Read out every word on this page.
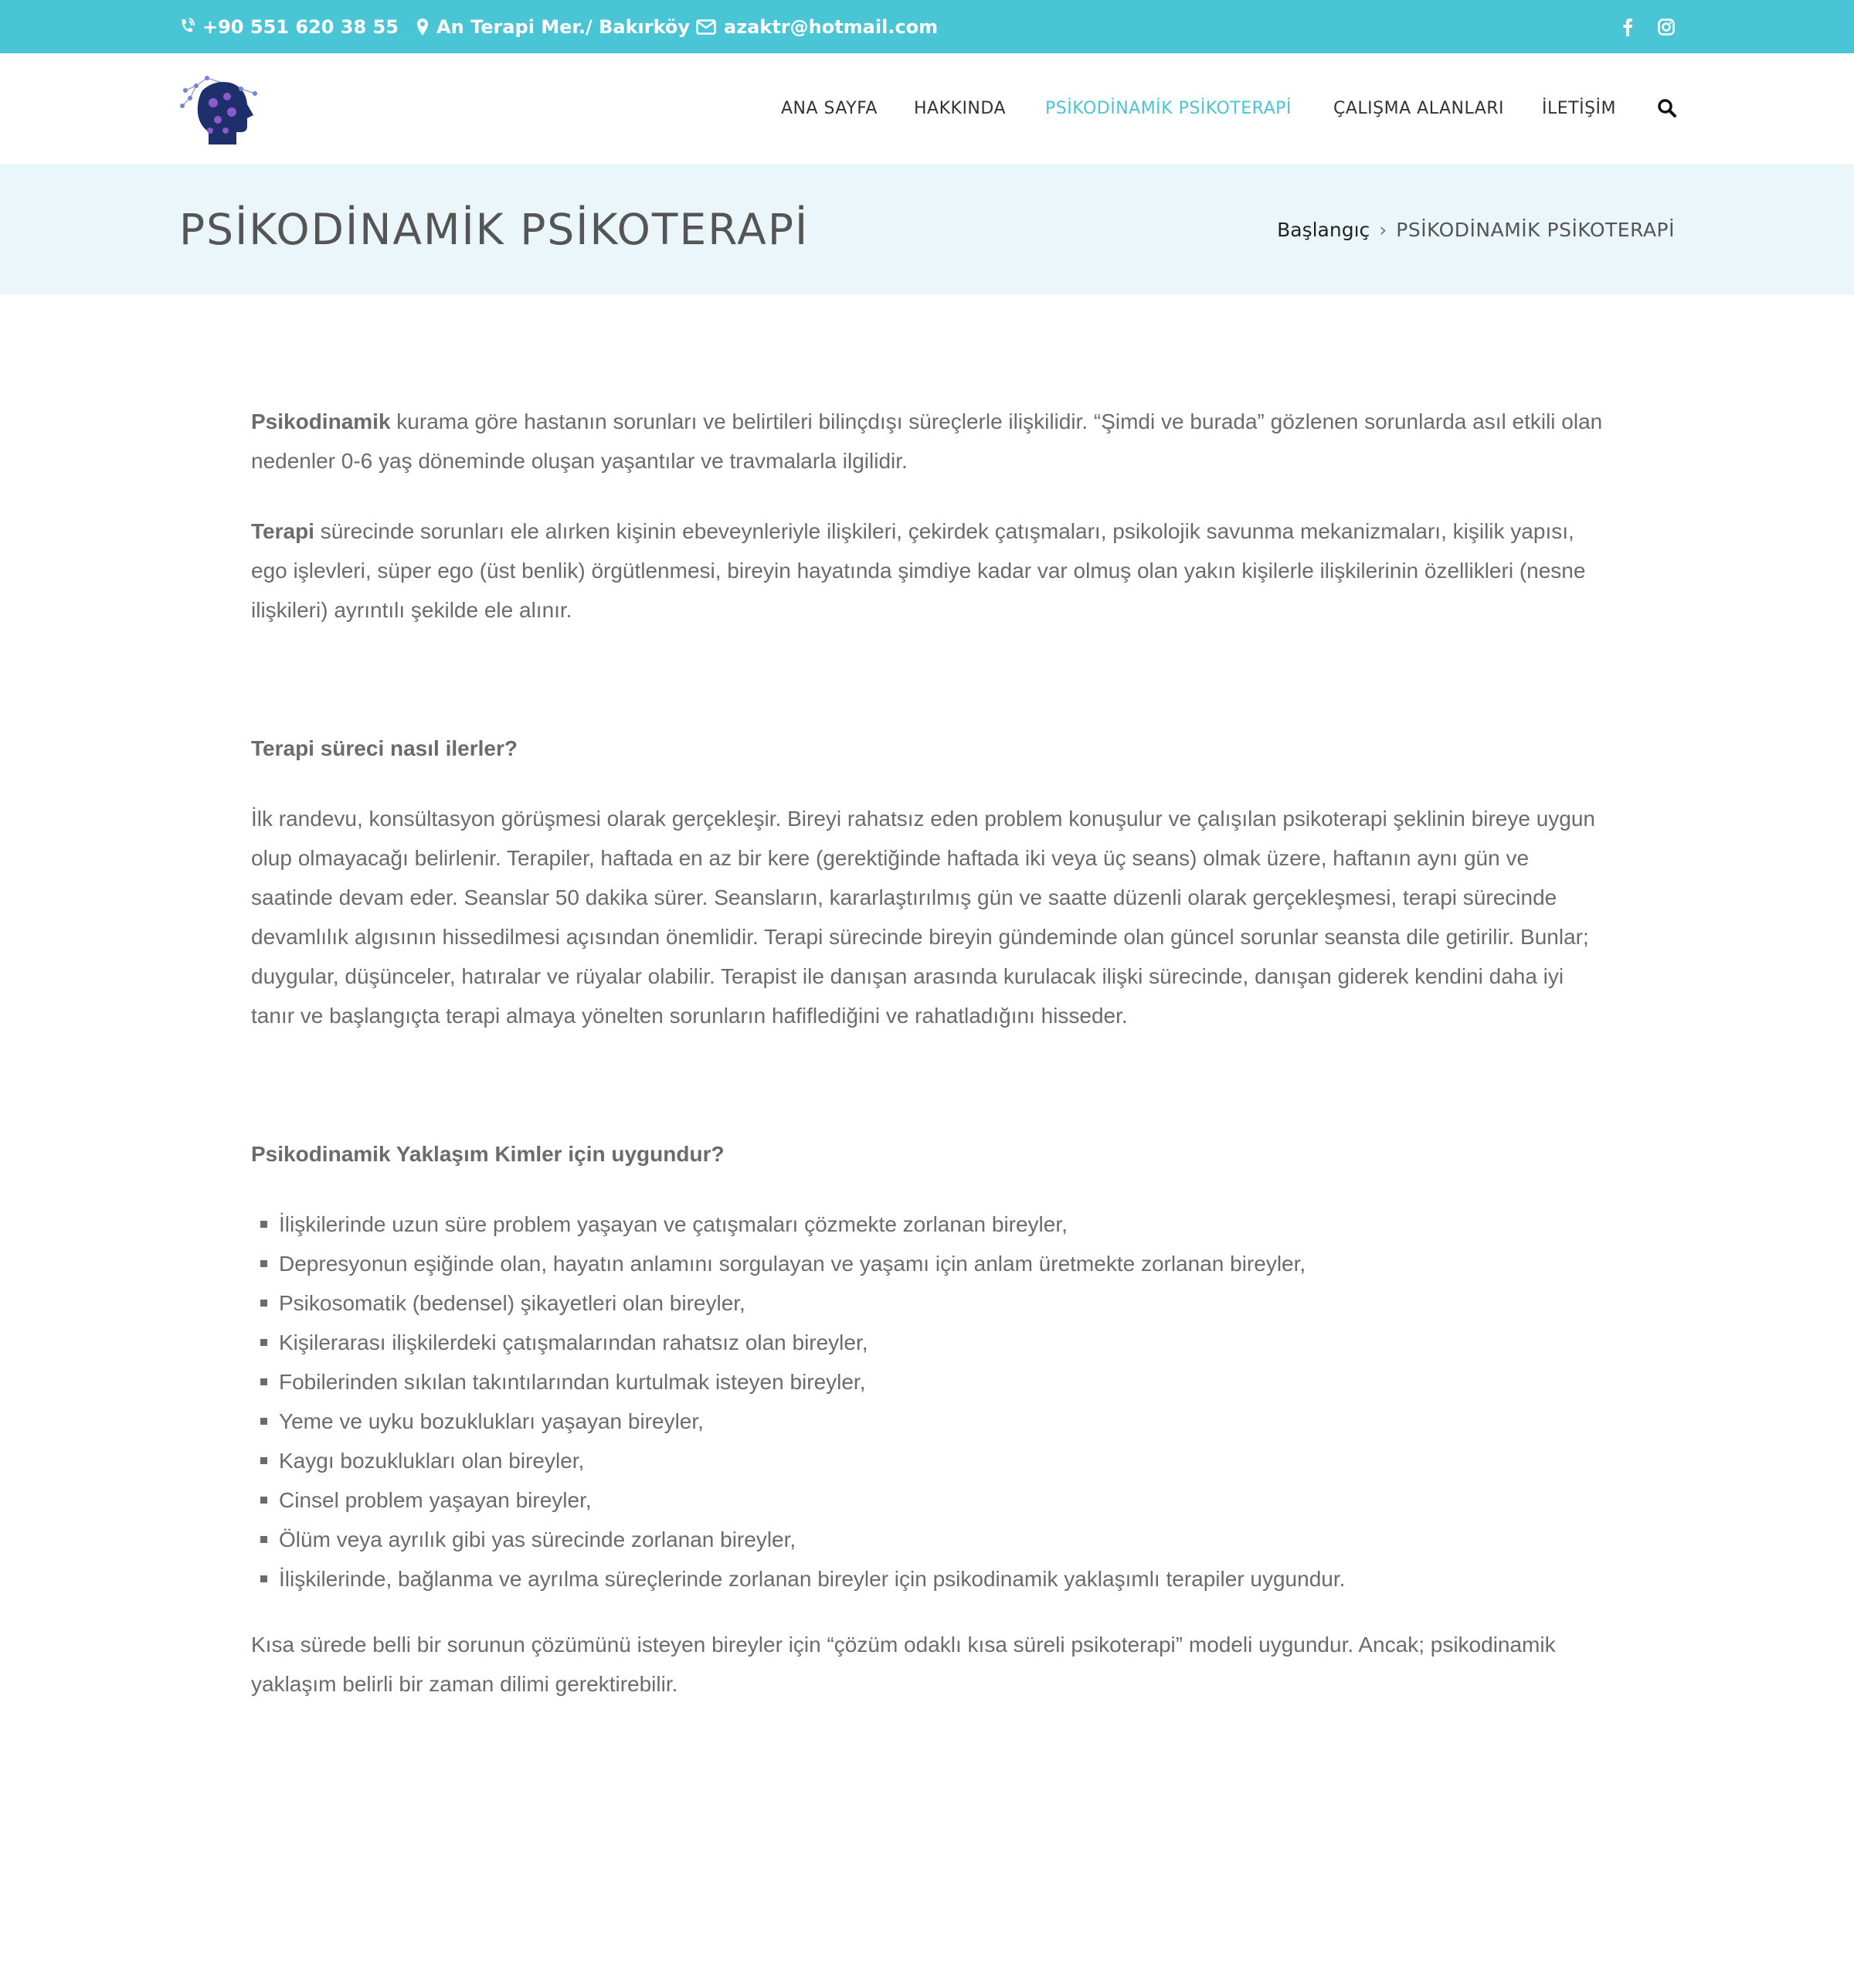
+90 551 620 38 55 An Terapi Mer./ Bakırköy azaktr@hotmail.com
ANA SAYFA HAKKINDA PSİKODİNAMİK PSİKOTERAPİ ÇALIŞMA ALANLARI İLETİŞİM
PSİKODİNAMİK PSİKOTERAPİ	Başlangıç › PSİKODİNAMİK PSİKOTERAPİ

Psikodinamik kurama göre hastanın sorunları ve belirtileri bilinçdışı süreçlerle ilişkilidir. “Şimdi ve burada” gözlenen sorunlarda asıl etkili olan nedenler 0-6 yaş döneminde oluşan yaşantılar ve travmalarla ilgilidir.

Terapi sürecinde sorunları ele alırken kişinin ebeveynleriyle ilişkileri, çekirdek çatışmaları, psikolojik savunma mekanizmaları, kişilik yapısı, ego işlevleri, süper ego (üst benlik) örgütlenmesi, bireyin hayatında şimdiye kadar var olmuş olan yakın kişilerle ilişkilerinin özellikleri (nesne ilişkileri) ayrıntılı şekilde ele alınır.

Terapi süreci nasıl ilerler?

İlk randevu, konsültasyon görüşmesi olarak gerçekleşir. Bireyi rahatsız eden problem konuşulur ve çalışılan psikoterapi şeklinin bireye uygun olup olmayacağı belirlenir. Terapiler, haftada en az bir kere (gerektiğinde haftada iki veya üç seans) olmak üzere, haftanın aynı gün ve saatinde devam eder. Seanslar 50 dakika sürer. Seansların, kararlaştırılmış gün ve saatte düzenli olarak gerçekleşmesi, terapi sürecinde devamlılık algısının hissedilmesi açısından önemlidir. Terapi sürecinde bireyin gündeminde olan güncel sorunlar seansta dile getirilir. Bunlar; duygular, düşünceler, hatıralar ve rüyalar olabilir. Terapist ile danışan arasında kurulacak ilişki sürecinde, danışan giderek kendini daha iyi tanır ve başlangıçta terapi almaya yönelten sorunların hafiflediğini ve rahatladığını hisseder.

Psikodinamik Yaklaşım Kimler için uygundur?

İlişkilerinde uzun süre problem yaşayan ve çatışmaları çözmekte zorlanan bireyler,
Depresyonun eşiğinde olan, hayatın anlamını sorgulayan ve yaşamı için anlam üretmekte zorlanan bireyler,
Psikosomatik (bedensel) şikayetleri olan bireyler,
Kişilerarası ilişkilerdeki çatışmalarından rahatsız olan bireyler,
Fobilerinden sıkılan takıntılarından kurtulmak isteyen bireyler,
Yeme ve uyku bozuklukları yaşayan bireyler,
Kaygı bozuklukları olan bireyler,
Cinsel problem yaşayan bireyler,
Ölüm veya ayrılık gibi yas sürecinde zorlanan bireyler,
İlişkilerinde, bağlanma ve ayrılma süreçlerinde zorlanan bireyler için psikodinamik yaklaşımlı terapiler uygundur.

Kısa sürede belli bir sorunun çözümünü isteyen bireyler için “çözüm odaklı kısa süreli psikoterapi” modeli uygundur. Ancak; psikodinamik yaklaşım belirli bir zaman dilimi gerektirebilir.
